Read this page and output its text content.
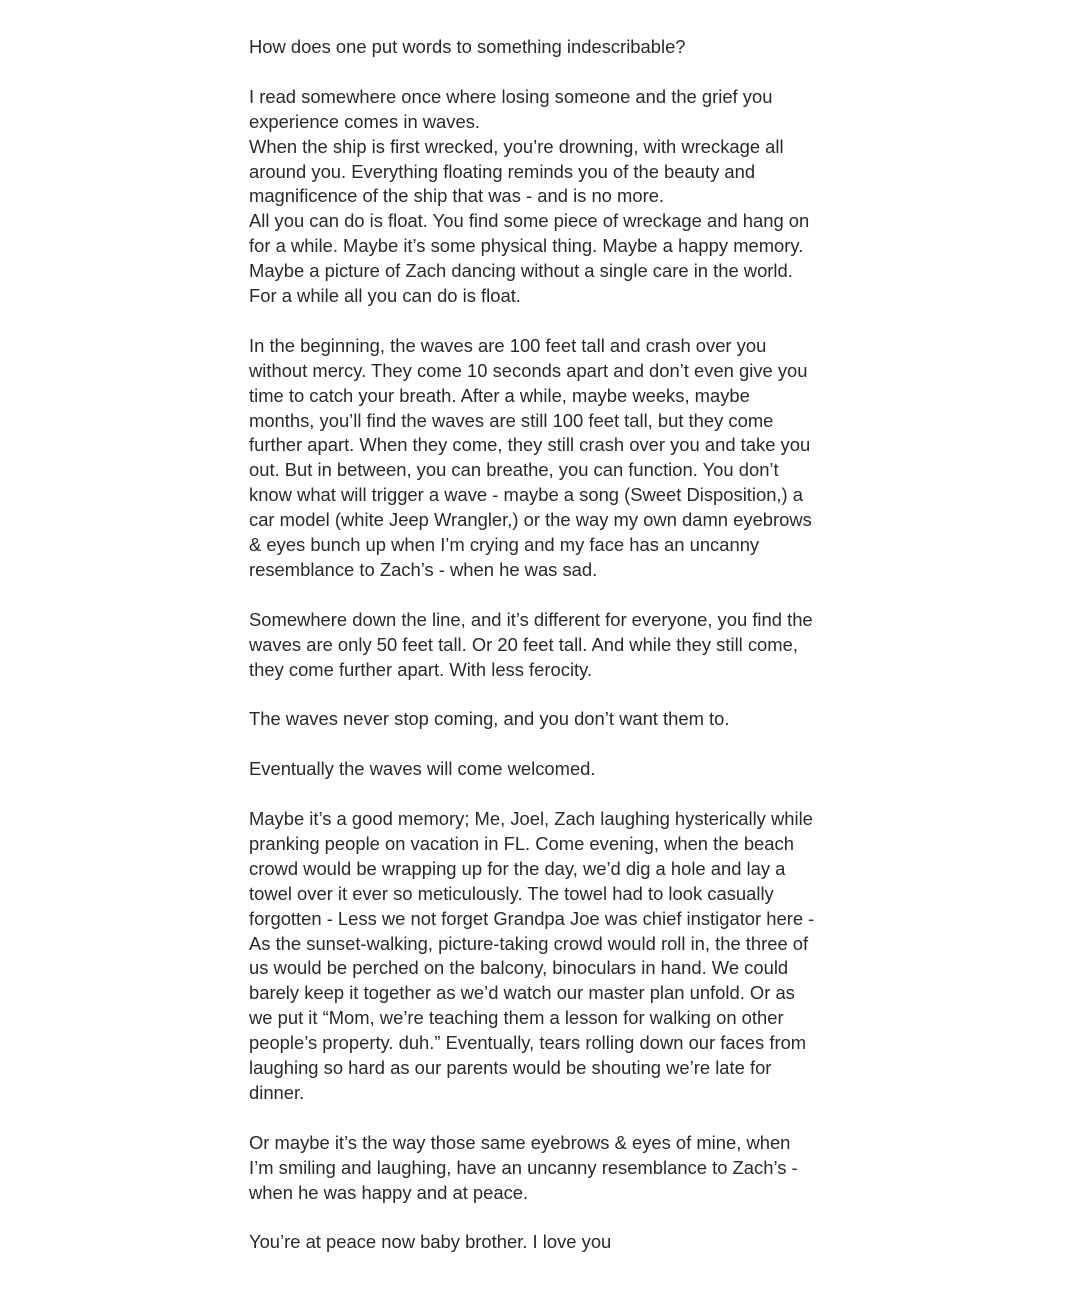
How does one put words to something indescribable?
I read somewhere once where losing someone and the grief you
experience comes in waves.
When the ship is first wrecked, you’re drowning, with wreckage all
around you. Everything floating reminds you of the beauty and
magnificence of the ship that was - and is no more.
All you can do is float. You find some piece of wreckage and hang on
for a while. Maybe it’s some physical thing. Maybe a happy memory.
Maybe a picture of Zach dancing without a single care in the world.
For a while all you can do is float.
In the beginning, the waves are 100 feet tall and crash over you
without mercy. They come 10 seconds apart and don’t even give you
time to catch your breath. After a while, maybe weeks, maybe
months, you’ll find the waves are still 100 feet tall, but they come
further apart. When they come, they still crash over you and take you
out. But in between, you can breathe, you can function. You don’t
know what will trigger a wave - maybe a song (Sweet Disposition,) a
car model (white Jeep Wrangler,) or the way my own damn eyebrows
& eyes bunch up when I’m crying and my face has an uncanny
resemblance to Zach’s - when he was sad.
Somewhere down the line, and it’s different for everyone, you find the
waves are only 50 feet tall. Or 20 feet tall. And while they still come,
they come further apart. With less ferocity.
The waves never stop coming, and you don’t want them to.
Eventually the waves will come welcomed.
Maybe it’s a good memory; Me, Joel, Zach laughing hysterically while
pranking people on vacation in FL. Come evening, when the beach
crowd would be wrapping up for the day, we’d dig a hole and lay a
towel over it ever so meticulously. The towel had to look casually
forgotten - Less we not forget Grandpa Joe was chief instigator here -
As the sunset-walking, picture-taking crowd would roll in, the three of
us would be perched on the balcony, binoculars in hand. We could
barely keep it together as we’d watch our master plan unfold. Or as
we put it “Mom, we’re teaching them a lesson for walking on other
people’s property. duh.” Eventually, tears rolling down our faces from
laughing so hard as our parents would be shouting we’re late for
dinner.
Or maybe it’s the way those same eyebrows & eyes of mine, when
I’m smiling and laughing, have an uncanny resemblance to Zach’s -
when he was happy and at peace.
You’re at peace now baby brother. I love you
